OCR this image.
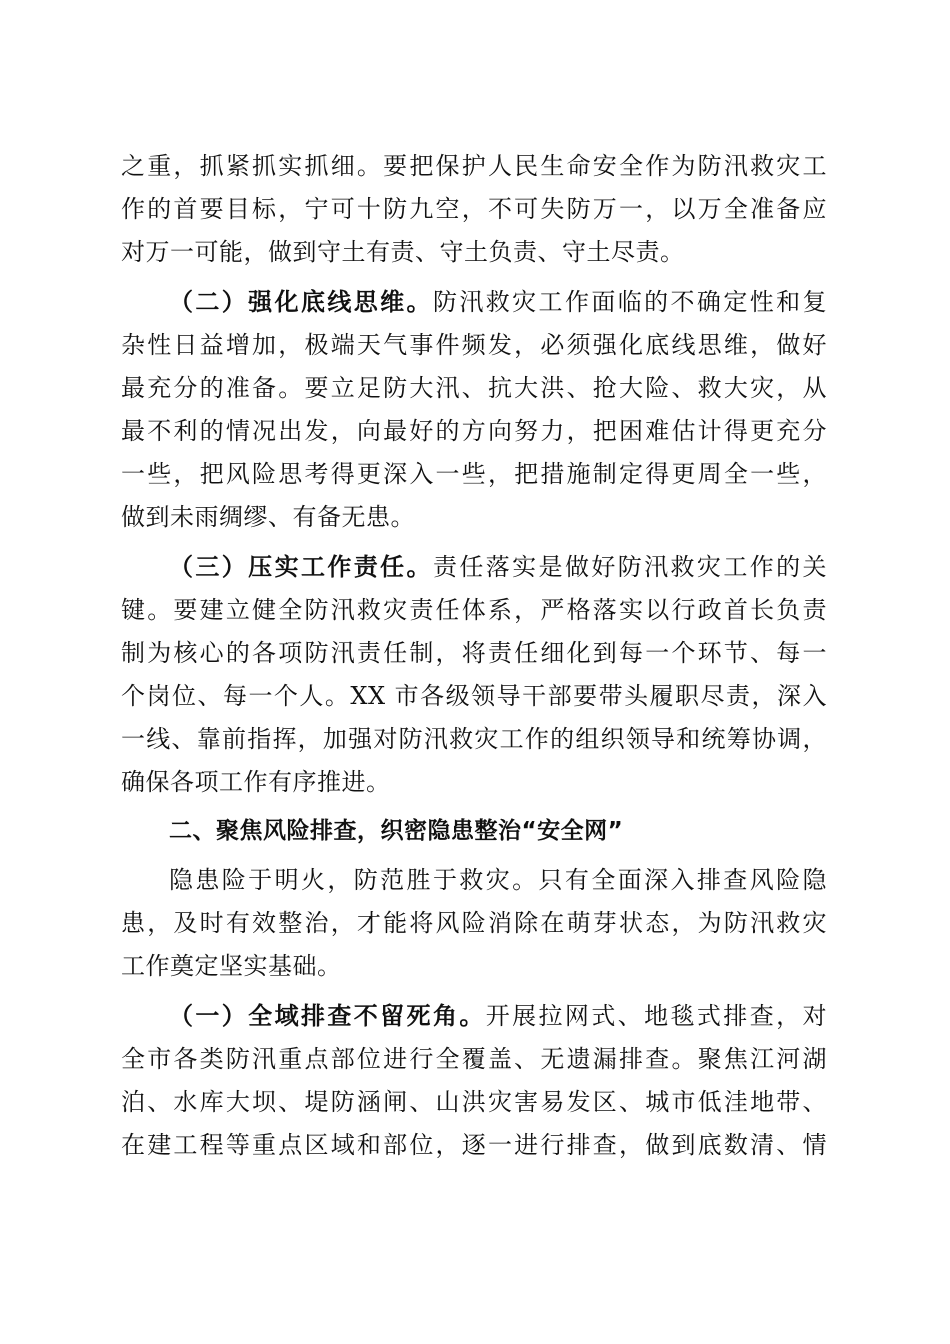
之重，抓紧抓实抓细。要把保护人民生命安全作为防汛救灾工
作的首要目标，宁可十防九空，不可失防万一，以万全准备应
对万一可能，做到守土有责、守土负责、守土尽责。
（二）强化底线思维。防汛救灾工作面临的不确定性和复
杂性日益增加，极端天气事件频发，必须强化底线思维，做好
最充分的准备。要立足防大汛、抗大洪、抢大险、救大灾，从
最不利的情况出发，向最好的方向努力，把困难估计得更充分
一些，把风险思考得更深入一些，把措施制定得更周全一些，
做到未雨绸缪、有备无患。
（三）压实工作责任。责任落实是做好防汛救灾工作的关
键。要建立健全防汛救灾责任体系，严格落实以行政首长负责
制为核心的各项防汛责任制，将责任细化到每一个环节、每一
个岗位、每一个人。XX 市各级领导干部要带头履职尽责，深入
一线、靠前指挥，加强对防汛救灾工作的组织领导和统筹协调，
确保各项工作有序推进。
二、聚焦风险排查，织密隐患整治“安全网”
隐患险于明火，防范胜于救灾。只有全面深入排查风险隐
患，及时有效整治，才能将风险消除在萌芽状态，为防汛救灾
工作奠定坚实基础。
（一）全域排查不留死角。开展拉网式、地毯式排查，对
全市各类防汛重点部位进行全覆盖、无遗漏排查。聚焦江河湖
泊、水库大坝、堤防涵闸、山洪灾害易发区、城市低洼地带、
在建工程等重点区域和部位，逐一进行排查，做到底数清、情
